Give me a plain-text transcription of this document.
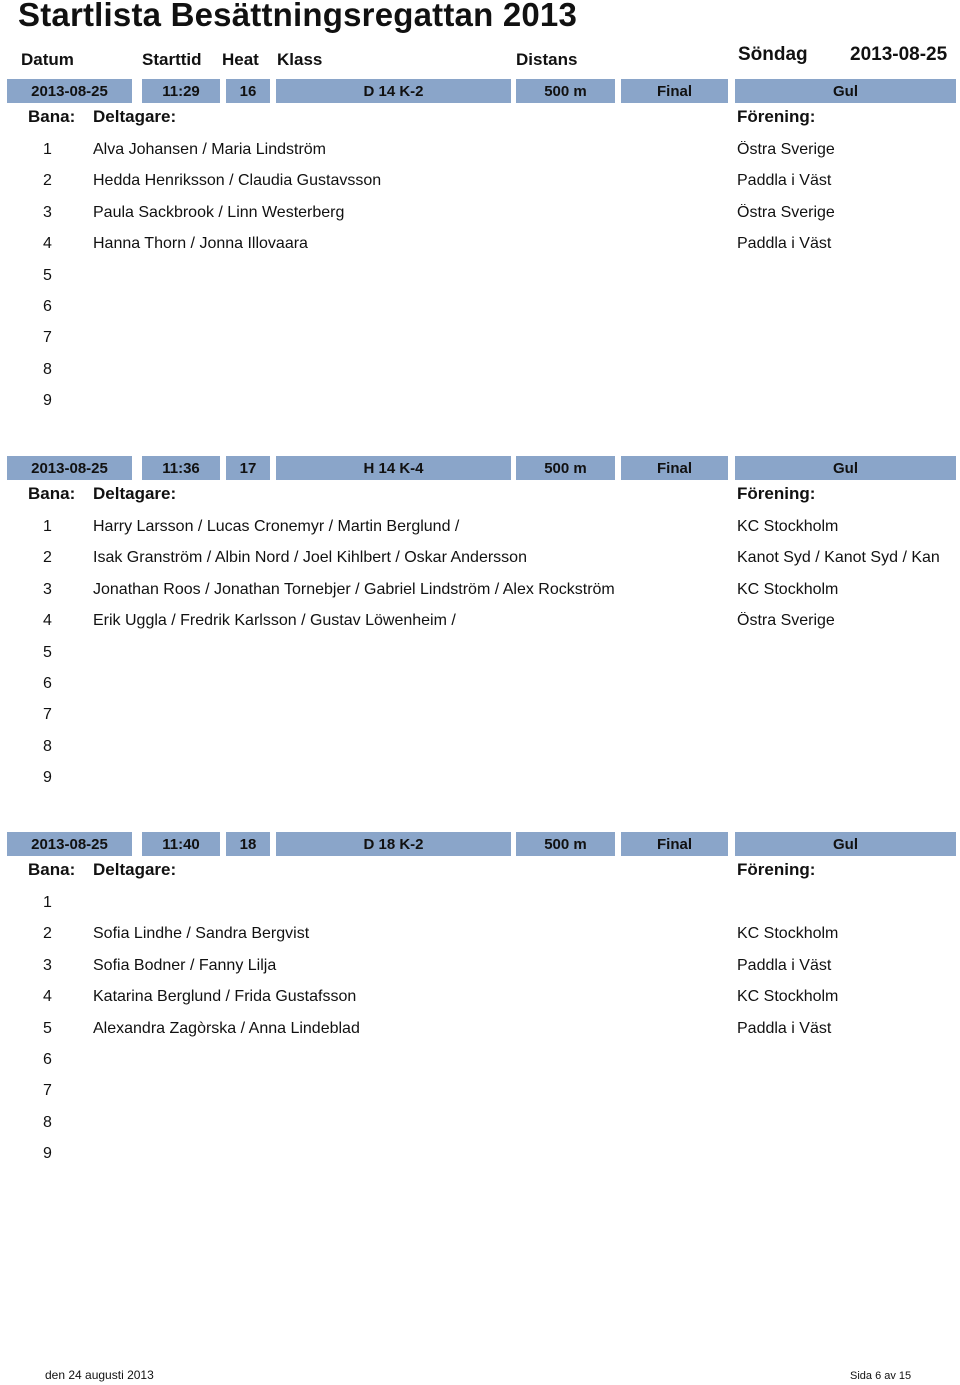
Startlista Besättningsregattan 2013
Datum	Starttid Heat Klass	Distans	Söndag 2013-08-25
2013-08-25	11:29	16	D 14 K-2	500 m	Final	Gul
Bana: Deltagare:	Förening:
1	Alva Johansen / Maria Lindström	Östra Sverige
2	Hedda Henriksson / Claudia Gustavsson	Paddla i Väst
3	Paula Sackbrook / Linn Westerberg	Östra Sverige
4	Hanna Thorn / Jonna Illovaara	Paddla i Väst
5
6
7
8
9
2013-08-25	11:36	17	H 14 K-4	500 m	Final	Gul
Bana: Deltagare:	Förening:
1	Harry Larsson / Lucas Cronemyr / Martin Berglund /	KC Stockholm
2	Isak Granström / Albin Nord / Joel Kihlbert / Oskar Andersson	Kanot Syd / Kanot Syd / Kan
3	Jonathan Roos / Jonathan Tornebjer / Gabriel Lindström / Alex Rockström	KC Stockholm
4	Erik Uggla / Fredrik Karlsson / Gustav Löwenheim /	Östra Sverige
5
6
7
8
9
2013-08-25	11:40	18	D 18 K-2	500 m	Final	Gul
Bana: Deltagare:	Förening:
1
2	Sofia Lindhe / Sandra Bergvist	KC Stockholm
3	Sofia Bodner / Fanny Lilja	Paddla i Väst
4	Katarina Berglund / Frida Gustafsson	KC Stockholm
5	Alexandra Zagòrska / Anna Lindeblad	Paddla i Väst
6
7
8
9
den 24 augusti 2013	Sida 6 av 15
